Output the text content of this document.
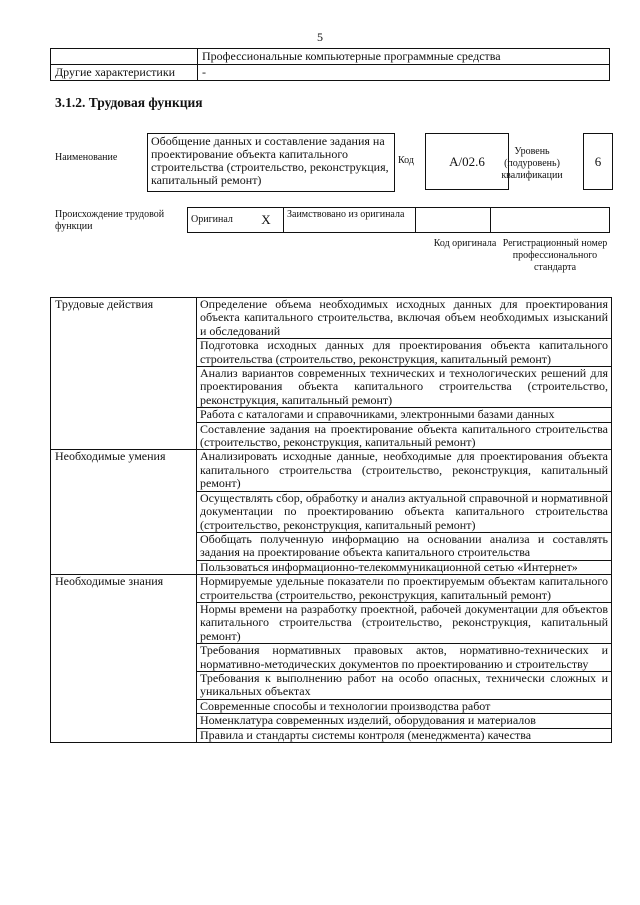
5
	Профессиональные компьютерные программные средства
Другие характеристики	-
3.1.2. Трудовая функция
Наименование
Обобщение данных и составление задания на проектирование объекта капитального строительства (строительство, реконструкция, капитальный ремонт)
Код	A/02.6
Уровень (подуровень) квалификации
6
Происхождение трудовой функции
Оригинал	X	Заимствовано из оригинала		
Код оригинала Регистрационный номер профессионального стандарта
Трудовые действия	Определение объема необходимых исходных данных для проектирования объекта капитального строительства, включая объем необходимых изысканий и обследований
	Подготовка исходных данных для проектирования объекта капитального строительства (строительство, реконструкция, капитальный ремонт)
	Анализ вариантов современных технических и технологических решений для проектирования объекта капитального строительства (строительство, реконструкция, капитальный ремонт)
	Работа с каталогами и справочниками, электронными базами данных
	Составление задания на проектирование объекта капитального строительства (строительство, реконструкция, капитальный ремонт)
Необходимые умения	Анализировать исходные данные, необходимые для проектирования объекта капитального строительства (строительство, реконструкция, капитальный ремонт)
	Осуществлять сбор, обработку и анализ актуальной справочной и нормативной документации по проектированию объекта капитального строительства (строительство, реконструкция, капитальный ремонт)
	Обобщать полученную информацию на основании анализа и составлять задания на проектирование объекта капитального строительства
	Пользоваться информационно-телекоммуникационной сетью «Интернет»
Необходимые знания	Нормируемые удельные показатели по проектируемым объектам капитального строительства (строительство, реконструкция, капитальный ремонт)
	Нормы времени на разработку проектной, рабочей документации для объектов капитального строительства (строительство, реконструкция, капитальный ремонт)
	Требования нормативных правовых актов, нормативно-технических и нормативно-методических документов по проектированию и строительству
	Требования к выполнению работ на особо опасных, технически сложных и уникальных объектах
	Современные способы и технологии производства работ
	Номенклатура современных изделий, оборудования и материалов
	Правила и стандарты системы контроля (менеджмента) качества
